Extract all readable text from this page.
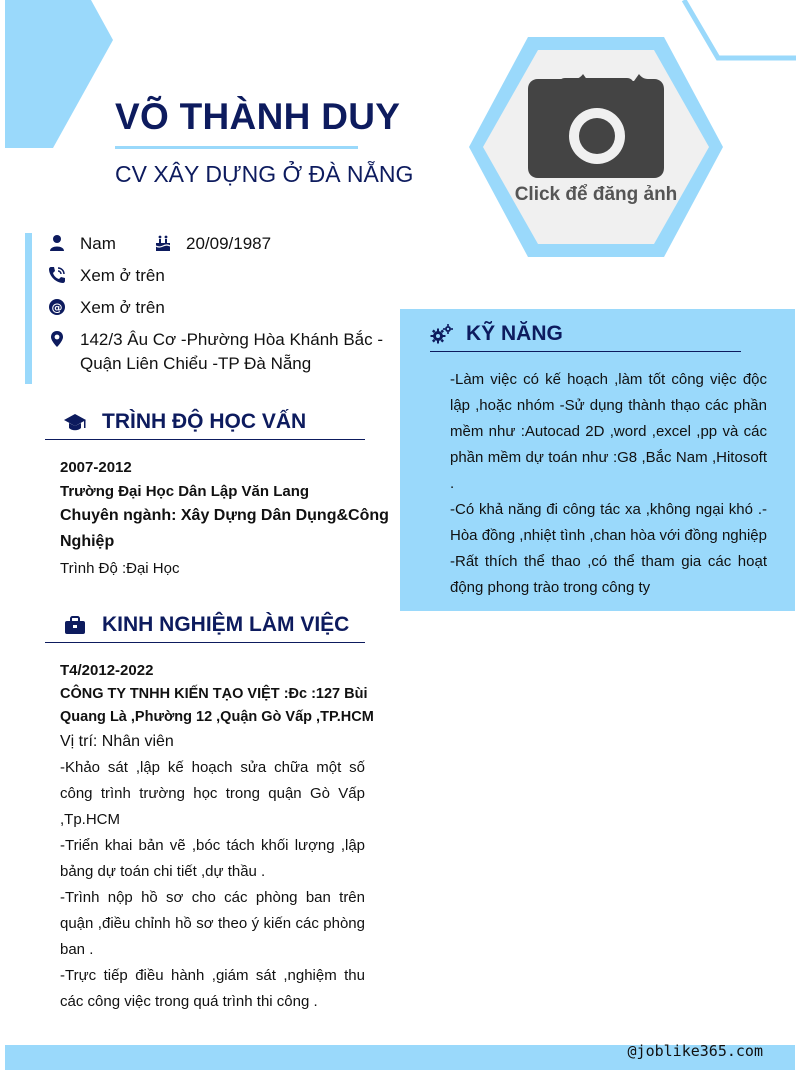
VÕ THÀNH DUY
CV XÂY DỰNG Ở ĐÀ NẴNG
Click để đăng ảnh
Nam	20/09/1987
Xem ở trên
@ Xem ở trên
142/3 Âu Cơ -Phường Hòa Khánh Bắc -
Quận Liên Chiểu -TP Đà Nẵng
TRÌNH ĐỘ HỌC VẤN
2007-2012
Trường Đại Học Dân Lập Văn Lang
Chuyên ngành: Xây Dựng Dân Dụng&Công
Nghiệp
Trình Độ :Đại Học
KINH NGHIỆM LÀM VIỆC
T4/2012-2022
CÔNG TY TNHH KIẾN TẠO VIỆT :Đc :127 Bùi
Quang Là ,Phường 12 ,Quận Gò Vấp ,TP.HCM
Vị trí: Nhân viên
-Khảo sát ,lập kế hoạch sửa chữa một số công trình trường học trong quận Gò Vấp ,Tp.HCM
-Triển khai bản vẽ ,bóc tách khối lượng ,lập bảng dự toán chi tiết ,dự thầu .
-Trình nộp hồ sơ cho các phòng ban trên quận ,điều chỉnh hồ sơ theo ý kiến các phòng ban .
-Trực tiếp điều hành ,giám sát ,nghiệm thu các công việc trong quá trình thi công .
KỸ NĂNG
-Làm việc có kế hoạch ,làm tốt công việc độc lập ,hoặc nhóm -Sử dụng thành thạo các phần mềm như :Autocad 2D ,word ,excel ,pp và các phần mềm dự toán như :G8 ,Bắc Nam ,Hitosoft .
-Có khả năng đi công tác xa ,không ngại khó .-Hòa đồng ,nhiệt tình ,chan hòa với đồng nghiệp -Rất thích thể thao ,có thể tham gia các hoạt động phong trào trong công ty
@joblike365.com
